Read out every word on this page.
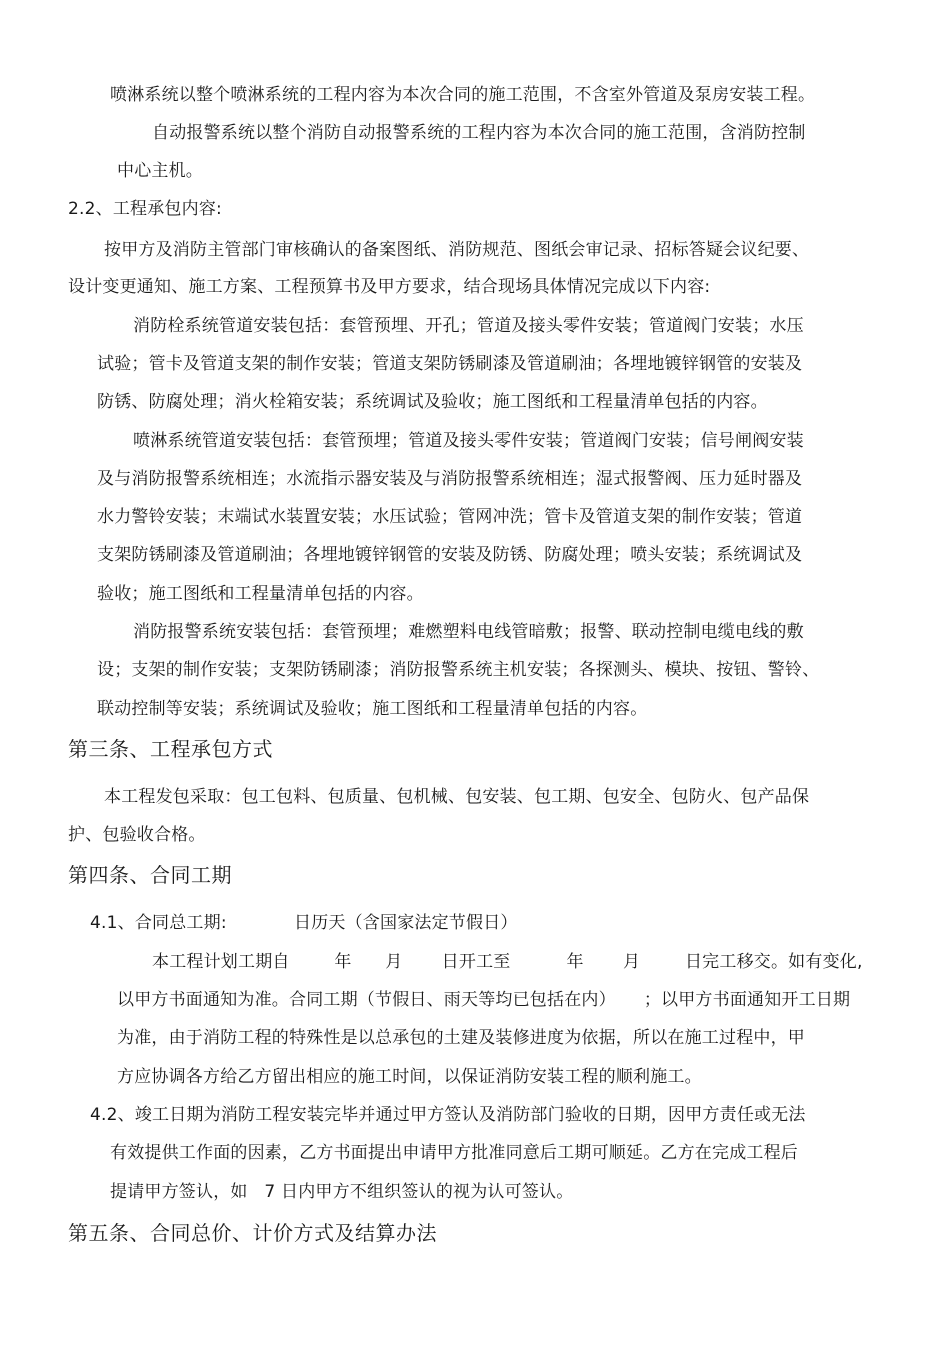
喷淋系统以整个喷淋系统的工程内容为本次合同的施工范围，不含室外管道及泵房安装工程。
自动报警系统以整个消防自动报警系统的工程内容为本次合同的施工范围，含消防控制
中心主机。
2.2、工程承包内容:
按甲方及消防主管部门审核确认的备案图纸、消防规范、图纸会审记录、招标答疑会议纪要、
设计变更通知、施工方案、工程预算书及甲方要求，结合现场具体情况完成以下内容:
消防栓系统管道安装包括：套管预埋、开孔；管道及接头零件安装；管道阀门安装；水压
试验；管卡及管道支架的制作安装；管道支架防锈刷漆及管道刷油；各埋地镀锌钢管的安装及
防锈、防腐处理；消火栓箱安装；系统调试及验收；施工图纸和工程量清单包括的内容。
喷淋系统管道安装包括：套管预埋；管道及接头零件安装；管道阀门安装；信号闸阀安装
及与消防报警系统相连；水流指示器安装及与消防报警系统相连；湿式报警阀、压力延时器及
水力警铃安装；末端试水装置安装；水压试验；管网冲洗；管卡及管道支架的制作安装；管道
支架防锈刷漆及管道刷油；各埋地镀锌钢管的安装及防锈、防腐处理；喷头安装；系统调试及
验收；施工图纸和工程量清单包括的内容。
消防报警系统安装包括：套管预埋；难燃塑料电线管暗敷；报警、联动控制电缆电线的敷
设；支架的制作安装；支架防锈刷漆；消防报警系统主机安装；各探测头、模块、按钮、警铃、
联动控制等安装；系统调试及验收；施工图纸和工程量清单包括的内容。
第三条、工程承包方式
本工程发包采取：包工包料、包质量、包机械、包安装、包工期、包安全、包防火、包产品保
护、包验收合格。
第四条、合同工期
4.1、合同总工期:            日历天（含国家法定节假日）
本工程计划工期自        年      月       日开工至          年       月        日完工移交。如有变化,
以甲方书面通知为准。合同工期（节假日、雨天等均已包括在内）     ；以甲方书面通知开工日期
为准，由于消防工程的特殊性是以总承包的土建及装修进度为依据，所以在施工过程中，甲
方应协调各方给乙方留出相应的施工时间，以保证消防安装工程的顺利施工。
4.2、竣工日期为消防工程安装完毕并通过甲方签认及消防部门验收的日期，因甲方责任或无法
有效提供工作面的因素，乙方书面提出申请甲方批准同意后工期可顺延。乙方在完成工程后
提请甲方签认，如   7 日内甲方不组织签认的视为认可签认。
第五条、合同总价、计价方式及结算办法
